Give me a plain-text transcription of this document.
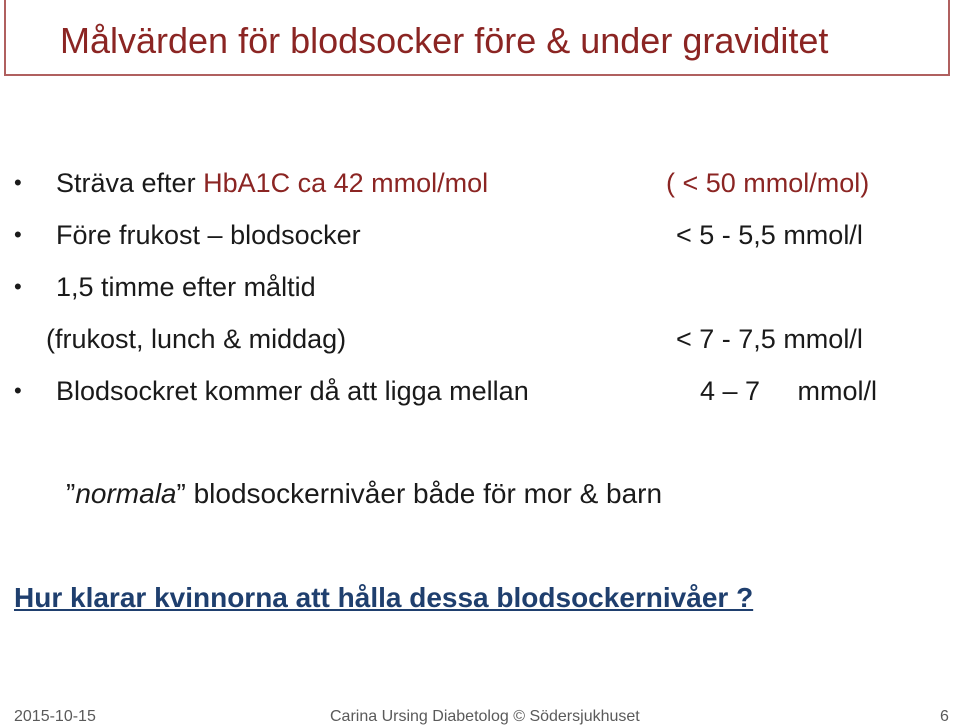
Målvärden för blodsocker före & under graviditet
• Sträva efter HbA1C ca 42 mmol/mol	( < 50 mmol/mol)
• Före frukost – blodsocker	< 5 - 5,5 mmol/l
• 1,5 timme efter måltid
(frukost, lunch & middag)	< 7 - 7,5 mmol/l
• Blodsockret kommer då att ligga mellan	4 – 7     mmol/l
”normala” blodsockernivåer både för mor & barn
Hur klarar kvinnorna att hålla dessa blodsockernivåer ?
2015-10-15	Carina Ursing Diabetolog © Södersjukhuset	6
